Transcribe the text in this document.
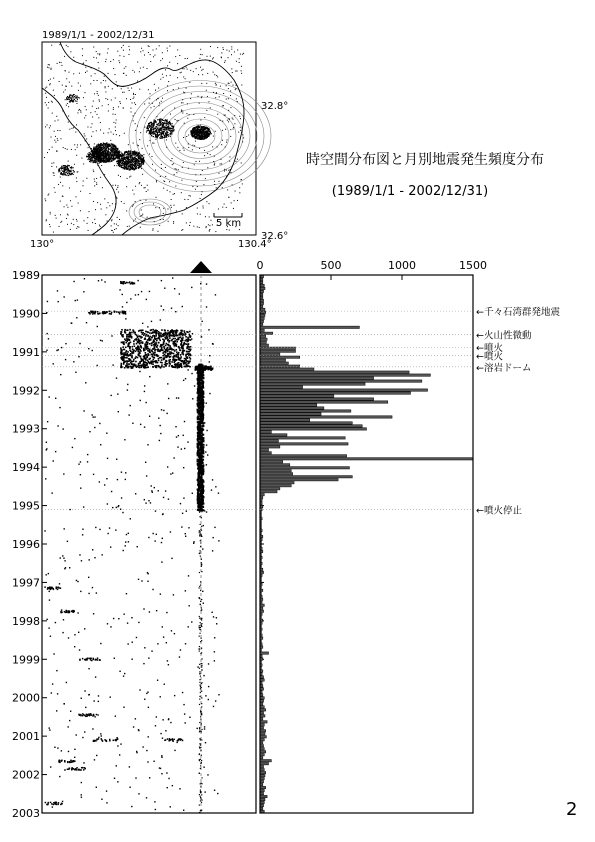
1989/1/1 - 2002/12/31
5 km
130°	130.4°
32.8°
32.6°
時空間分布図と月別地震発生頻度分布
(1989/1/1 - 2002/12/31)
1989
1990
1991
1992
1993
1994
1995
1996
1997
1998
1999
2000
2001
2002
2003
0	500	1000	1500
←千々石湾群発地震
←火山性微動
←噴火
←噴火
←溶岩ドーム
←噴火停止
2
